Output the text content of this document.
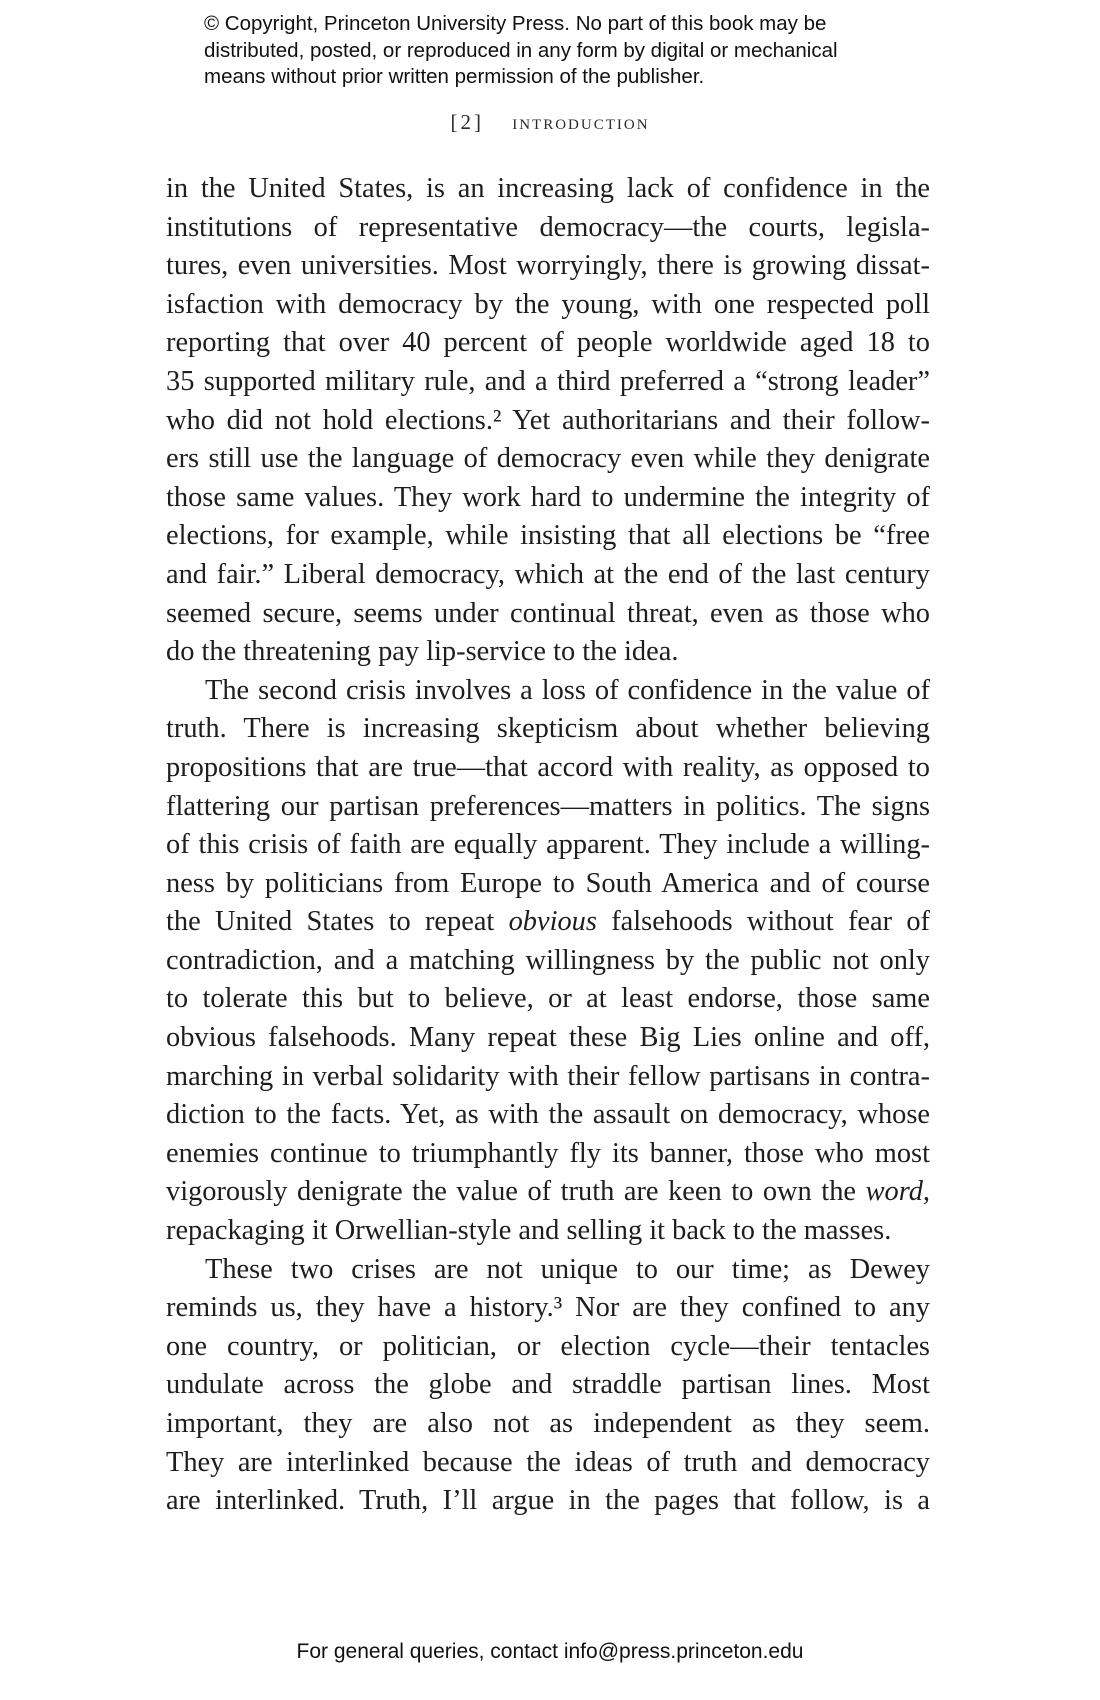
© Copyright, Princeton University Press. No part of this book may be
distributed, posted, or reproduced in any form by digital or mechanical
means without prior written permission of the publisher.
[2] introduction
in the United States, is an increasing lack of confidence in the
institutions of representative democracy—the courts, legisla-
tures, even universities. Most worryingly, there is growing dissat-
isfaction with democracy by the young, with one respected poll
reporting that over 40 percent of people worldwide aged 18 to
35 supported military rule, and a third preferred a “strong leader”
who did not hold elections.² Yet authoritarians and their follow-
ers still use the language of democracy even while they denigrate
those same values. They work hard to undermine the integrity of
elections, for example, while insisting that all elections be “free
and fair.” Liberal democracy, which at the end of the last century
seemed secure, seems under continual threat, even as those who
do the threatening pay lip-service to the idea.
The second crisis involves a loss of confidence in the value of
truth. There is increasing skepticism about whether believing
propositions that are true—that accord with reality, as opposed to
flattering our partisan preferences—matters in politics. The signs
of this crisis of faith are equally apparent. They include a willing-
ness by politicians from Europe to South America and of course
the United States to repeat obvious falsehoods without fear of
contradiction, and a matching willingness by the public not only
to tolerate this but to believe, or at least endorse, those same
obvious falsehoods. Many repeat these Big Lies online and off,
marching in verbal solidarity with their fellow partisans in contra-
diction to the facts. Yet, as with the assault on democracy, whose
enemies continue to triumphantly fly its banner, those who most
vigorously denigrate the value of truth are keen to own the word,
repackaging it Orwellian-style and selling it back to the masses.
These two crises are not unique to our time; as Dewey
reminds us, they have a history.³ Nor are they confined to any
one country, or politician, or election cycle—their tentacles
undulate across the globe and straddle partisan lines. Most
important, they are also not as independent as they seem.
They are interlinked because the ideas of truth and democracy
are interlinked. Truth, I’ll argue in the pages that follow, is a
For general queries, contact info@press.princeton.edu
